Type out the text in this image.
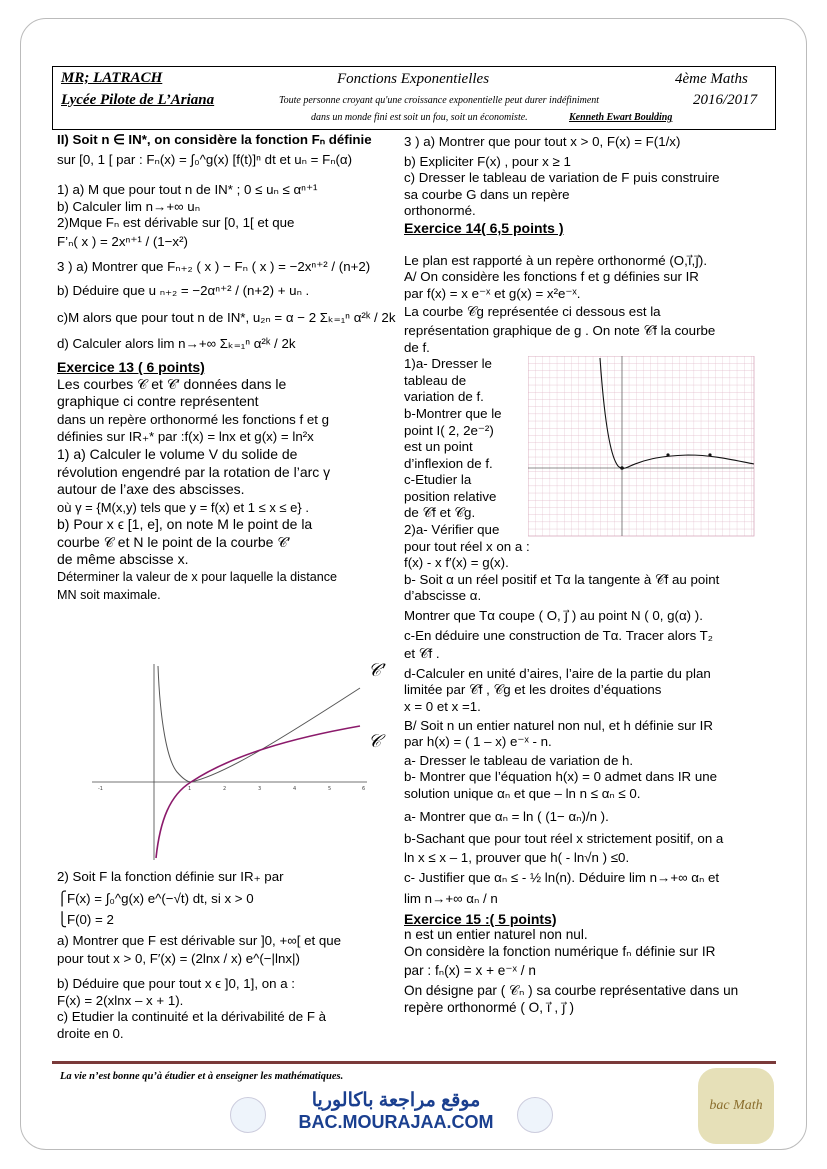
MR; LATRACH
Lycée Pilote de L’Ariana
Fonctions Exponentielles
Toute personne croyant qu'une croissance exponentielle peut durer indéfiniment
dans un monde fini est soit un fou, soit un économiste.	Kenneth Ewart Boulding
4ème Maths
2016/2017

II) Soit n ∈ IN*, on considère la fonction Fₙ définie

sur [0, 1 [ par : Fₙ(x) = ∫₀^g(x) [f(t)]ⁿ dt et uₙ = Fₙ(α)

1) a) M que pour tout n de IN* ; 0 ≤ uₙ ≤ αⁿ⁺¹

b) Calculer lim n→+∞ uₙ

2)Mque Fₙ est dérivable sur [0, 1[ et que

F’ₙ( x ) = 2xⁿ⁺¹ / (1−x²)

3 ) a) Montrer que Fₙ₊₂ ( x ) − Fₙ ( x ) = −2xⁿ⁺² / (n+2)

b) Déduire que u ₙ₊₂ = −2αⁿ⁺² / (n+2) + uₙ .

c)M alors que pour tout n de IN*, u₂ₙ = α − 2 Σₖ₌₁ⁿ α²ᵏ / 2k

d) Calculer alors lim n→+∞ Σₖ₌₁ⁿ α²ᵏ / 2k

Exercice 13 ( 6 points)

Les courbes 𝒞 et 𝒞′ données dans le

graphique ci contre représentent

dans un repère orthonormé les fonctions f et g

définies sur IR₊* par :f(x) = lnx et g(x) = ln²x

1) a) Calculer le volume V du solide de

révolution engendré par la rotation de l’arc γ

autour de l’axe des abscisses.

où γ = {M(x,y) tels que y = f(x) et 1 ≤ x ≤ e} .

b) Pour x ϵ [1, e], on note M le point de la

courbe 𝒞 et N le point de la courbe 𝒞′

de même abscisse x.

Déterminer la valeur de x pour laquelle la distance

MN soit maximale.

-1	1	2	3	4	5	6
𝒞′
𝒞

2) Soit F la fonction définie sur IR₊ par

⎧F(x) = ∫₀^g(x) e^(−√t) dt, si x > 0

⎩F(0) = 2

a) Montrer que F est dérivable sur ]0, +∞[ et que

pour tout x > 0, F′(x) = (2lnx / x) e^(−|lnx|)

b) Déduire que pour tout x ϵ ]0, 1], on a :

F(x) = 2(xlnx – x + 1).

c) Etudier la continuité et la dérivabilité de F à

droite en 0.

3 ) a) Montrer que pour tout x > 0, F(x) = F(1/x)

b) Expliciter F(x) , pour x ≥ 1

c) Dresser le tableau de variation de F puis construire

sa courbe G dans un repère

orthonormé.

Exercice 14( 6,5 points )

Le plan est rapporté à un repère orthonormé (O,i⃗,j⃗).

A/ On considère les fonctions f et g définies sur IR

par f(x) = x e⁻ˣ et g(x) = x²e⁻ˣ.

La courbe 𝒞g représentée ci dessous est la

représentation graphique de g . On note 𝒞f la courbe

de f.

1)a- Dresser le

tableau de

variation de f.

b-Montrer que le

point I( 2, 2e⁻²)

est un point

d’inflexion de f.

c-Etudier la

position relative

de 𝒞f et 𝒞g.

2)a- Vérifier que

pour tout réel x on a :

f(x) - x f′(x) = g(x).

b- Soit α un réel positif et Tα la tangente à 𝒞f au point

d’abscisse α.

Montrer que Tα coupe ( O, j⃗ ) au point N ( 0, g(α) ).

c-En déduire une construction de Tα. Tracer alors T₂

et 𝒞f .

d-Calculer en unité d’aires, l’aire de la partie du plan

limitée par 𝒞f , 𝒞g et les droites d’équations

x = 0 et x =1.

B/ Soit n un entier naturel non nul, et h définie sur IR

par h(x) = ( 1 – x) e⁻ˣ - n.

a- Dresser le tableau de variation de h.

b- Montrer que l’équation h(x) = 0 admet dans IR une

solution unique αₙ et que – ln n ≤ αₙ ≤ 0.

a- Montrer que αₙ = ln ( (1− αₙ)/n ).

b-Sachant que pour tout réel x strictement positif, on a

ln x ≤ x – 1, prouver que h( - ln√n ) ≤0.

c- Justifier que αₙ ≤ - ½ ln(n). Déduire lim n→+∞ αₙ et

lim n→+∞ αₙ / n

Exercice 15 :( 5 points)

n est un entier naturel non nul.

On considère la fonction numérique fₙ définie sur IR

par : fₙ(x) = x + e⁻ˣ / n

On désigne par ( 𝒞ₙ ) sa courbe représentative dans un

repère orthonormé ( O, i⃗ , j⃗ )

La vie n’est bonne qu’à étudier et à enseigner les mathématiques.

موقع مراجعة باكالوريا
BAC.MOURAJAA.COM
bac Math
